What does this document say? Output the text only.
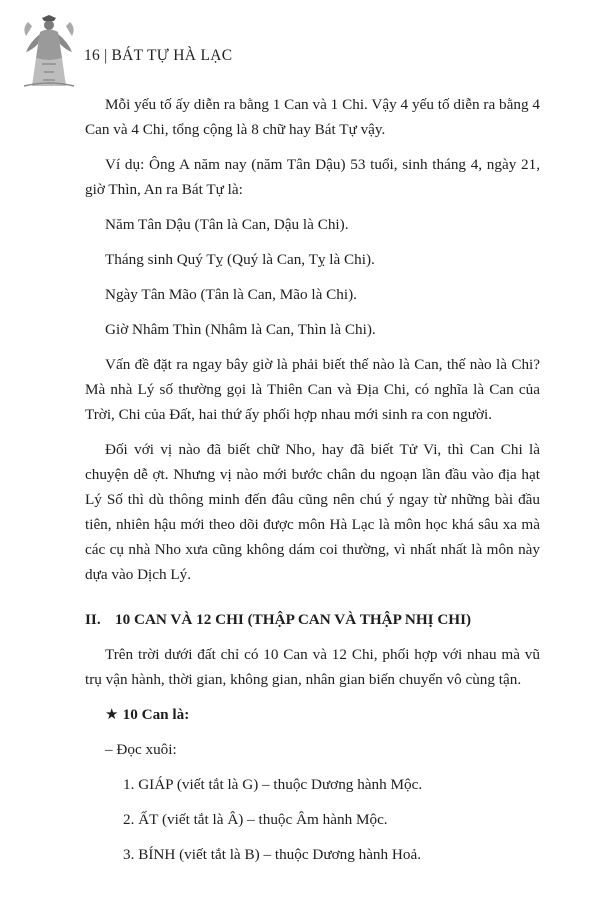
16 | BÁT TỰ HÀ LẠC

Mỗi yếu tố ấy diễn ra bằng 1 Can và 1 Chi. Vậy 4 yếu tố diễn ra bằng 4 Can và 4 Chi, tổng cộng là 8 chữ hay Bát Tự vậy.

Ví dụ: Ông A năm nay (năm Tân Dậu) 53 tuổi, sinh tháng 4, ngày 21, giờ Thìn, An ra Bát Tự là:

Năm Tân Dậu (Tân là Can, Dậu là Chi).

Tháng sinh Quý Tỵ (Quý là Can, Tỵ là Chi).

Ngày Tân Mão (Tân là Can, Mão là Chi).

Giờ Nhâm Thìn (Nhâm là Can, Thìn là Chi).

Vấn đề đặt ra ngay bây giờ là phải biết thế nào là Can, thế nào là Chi? Mà nhà Lý số thường gọi là Thiên Can và Địa Chi, có nghĩa là Can của Trời, Chi của Đất, hai thứ ấy phối hợp nhau mới sinh ra con người.

Đối với vị nào đã biết chữ Nho, hay đã biết Tử Vi, thì Can Chi là chuyện dễ ợt. Nhưng vị nào mới bước chân du ngoạn lần đầu vào địa hạt Lý Số thì dù thông minh đến đâu cũng nên chú ý ngay từ những bài đầu tiên, nhiên hậu mới theo dõi được môn Hà Lạc là môn học khá sâu xa mà các cụ nhà Nho xưa cũng không dám coi thường, vì nhất nhất là môn này dựa vào Dịch Lý.

II. 10 CAN VÀ 12 CHI (THẬP CAN VÀ THẬP NHỊ CHI)

Trên trời dưới đất chỉ có 10 Can và 12 Chi, phối hợp với nhau mà vũ trụ vận hành, thời gian, không gian, nhân gian biến chuyển vô cùng tận.

★ 10 Can là:
– Đọc xuôi:
1. GIÁP (viết tắt là G) – thuộc Dương hành Mộc.
2. ẤT (viết tắt là Â) – thuộc Âm hành Mộc.
3. BÍNH (viết tắt là B) – thuộc Dương hành Hoả.
